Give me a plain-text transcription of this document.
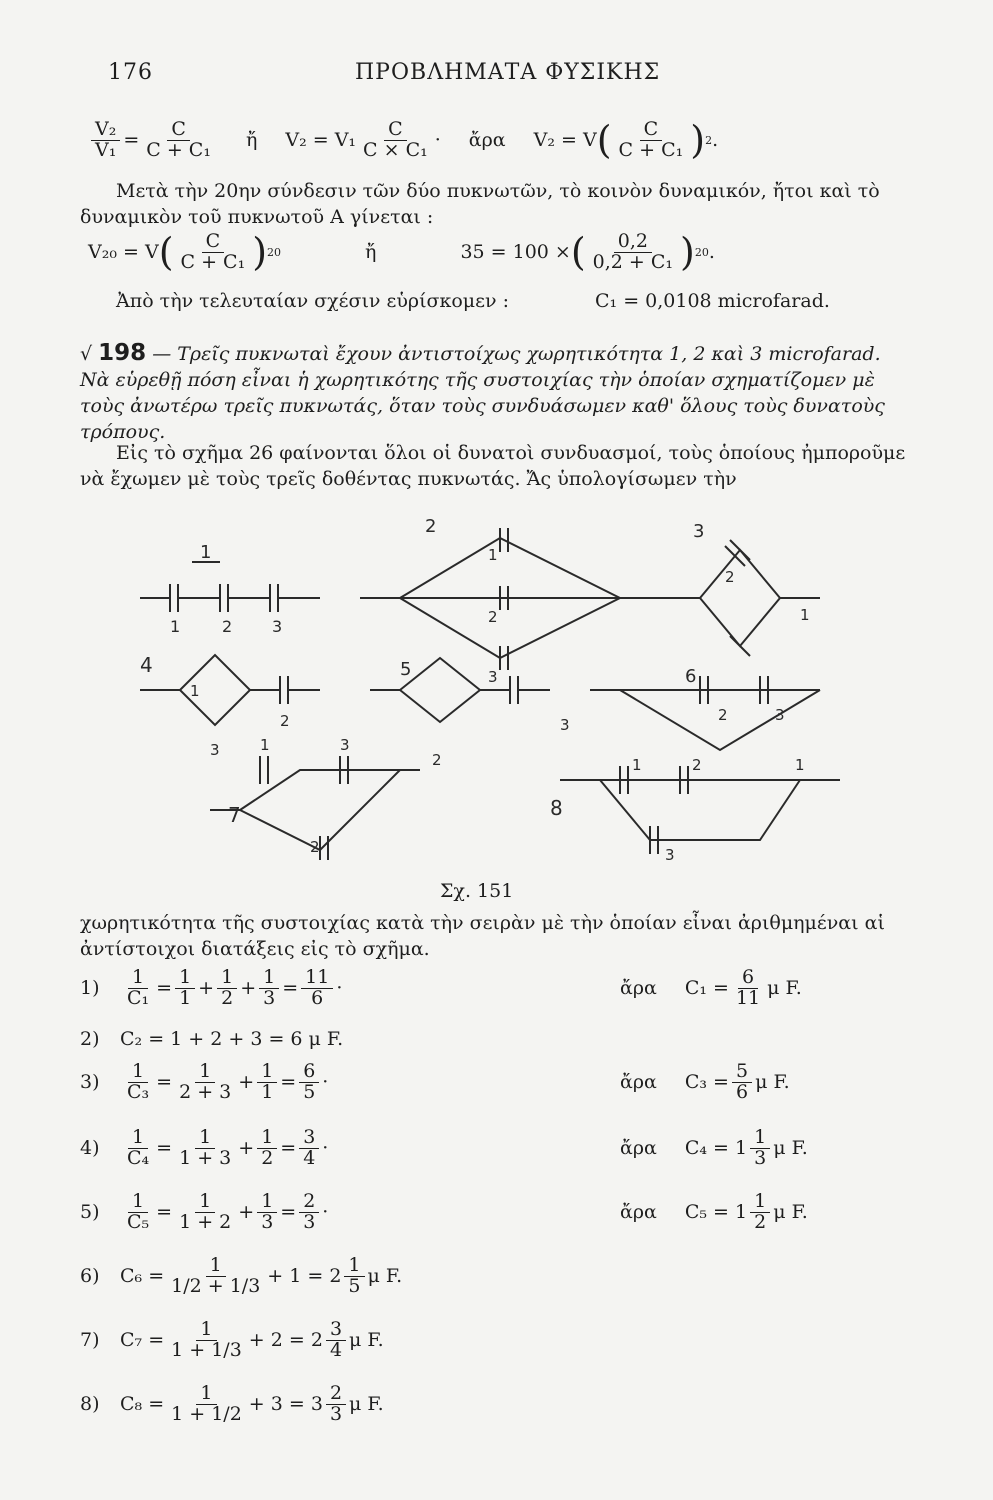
176	ΠΡΟΒΛΗΜΑΤΑ ΦΥΣΙΚΗΣ
$\frac{\text{V₂}}{\text{V₁}} = \frac{C}{\text{C + C₁}}$ ἤ $V_2 = V_1 \frac{C}{\text{C × C₁}}$ · ἄρα V₂ = V ( $\frac{C}{\text{C + C₁}}$ ) 2 .
Μετὰ τὴν 20ην σύνδεσιν τῶν δύο πυκνωτῶν, τὸ κοινὸν δυναμικόν, ἤτοι καὶ τὸ δυναμικὸν τοῦ πυκνωτοῦ Α γίνεται :
V₂₀ = V ( $\frac{C}{\text{C + C₁}}$ ) 20	ἤ	35 = 100 × ( $\frac{0,2}{\text{0,2 + C₁}}$ ) 20 .
Ἀπὸ τὴν τελευταίαν σχέσιν εὑρίσκομεν :	C₁ = 0,0108 microfarad.
√ 198 — Τρεῖς πυκνωταὶ ἔχουν ἀντιστοίχως χωρητικότητα 1, 2 καὶ 3 microfarad. Νὰ εὑρεθῇ πόση εἶναι ἡ χωρητικότης τῆς συστοιχίας τὴν ὁποίαν σχηματίζομεν μὲ τοὺς ἀνωτέρω τρεῖς πυκνωτάς, ὅταν τοὺς συνδυάσωμεν καθ' ὅλους τοὺς δυνατοὺς τρόπους.
Εἰς τὸ σχῆμα 26 φαίνονται ὅλοι οἱ δυνατοὶ συνδυασμοί, τοὺς ὁποίους ἠμποροῦμε νὰ ἔχωμεν μὲ τοὺς τρεῖς δοθέντας πυκνωτάς. Ἄς ὑπολογίσωμεν τὴν
1	2 3
1	1
2
3
2	3
2
1
4
1
2
3
5
2
3
6
2	3
1
7
1	3
2
8
1	2
3
Σχ. 151
χωρητικότητα τῆς συστοιχίας κατὰ τὴν σειρὰν μὲ τὴν ὁποίαν εἶναι ἀριθμημέναι αἱ ἀντίστοιχοι διατάξεις εἰς τὸ σχῆμα.
1)	$\frac{1}{\text{C₁}} = \frac{1}{1} + \frac{1}{2} + \frac{1}{3} = \frac{11}{6}$ ·	ἄρα $C_1 = \frac{6}{11}$ μ F.
2)	C₂ = 1 + 2 + 3 = 6 μ F.
3)	$\frac{1}{\text{C₃}} = \frac{1}{2 + 3} + \frac{1}{1} = \frac{6}{5}$ ·	ἄρα $C_3 = \frac{5}{6}$ μ F.
4)	$\frac{1}{\text{C₄}} = \frac{1}{1 + 3} + \frac{1}{2} = \frac{3}{4}$ ·	ἄρα $C_4 = 1 \frac{1}{3}$ μ F.
5)	$\frac{1}{\text{C₅}} = \frac{1}{1 + 2} + \frac{1}{3} = \frac{2}{3}$ ·	ἄρα $C_5 = 1 \frac{1}{2}$ μ F.
6)	$C_6 = \frac{1}{1/2 + 1/3} + 1 = 2 \frac{1}{5}$ μ F.
7)	$C_7 = \frac{1}{1 + 1/3} + 2 = 2 \frac{3}{4}$ μ F.
8)	$C_8 = \frac{1}{1 + 1/2} + 3 = 3 \frac{2}{3}$ μ F.
